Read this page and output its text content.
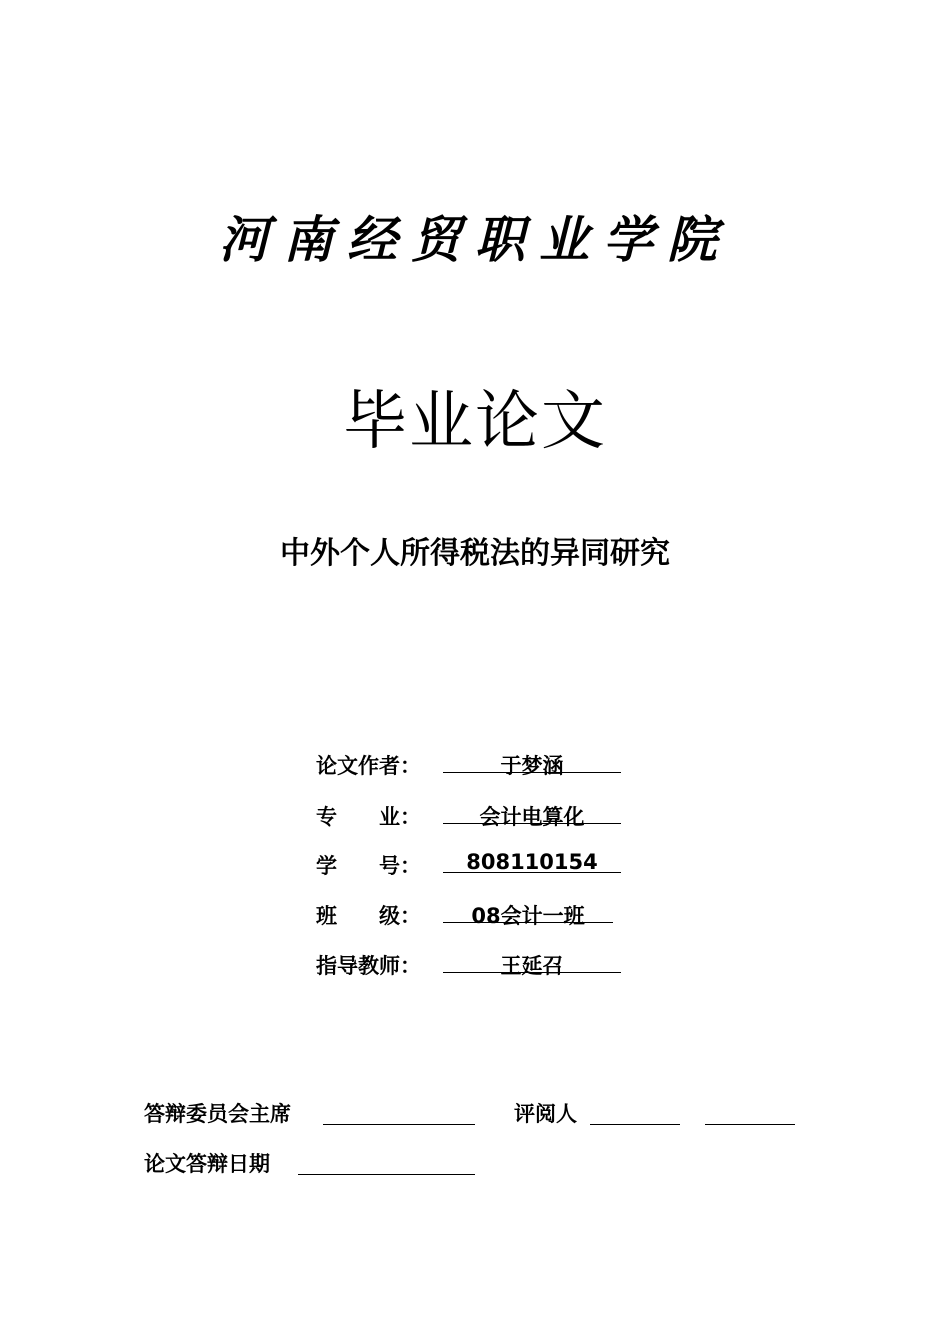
河南经贸职业学院
毕业论文
中外个人所得税法的异同研究
论文作者：	于梦涵
专　　业：	会计电算化
学　　号：	808110154
班　　级：	08会计一班
指导教师：	王延召
答辩委员会主席	评阅人
论文答辩日期
